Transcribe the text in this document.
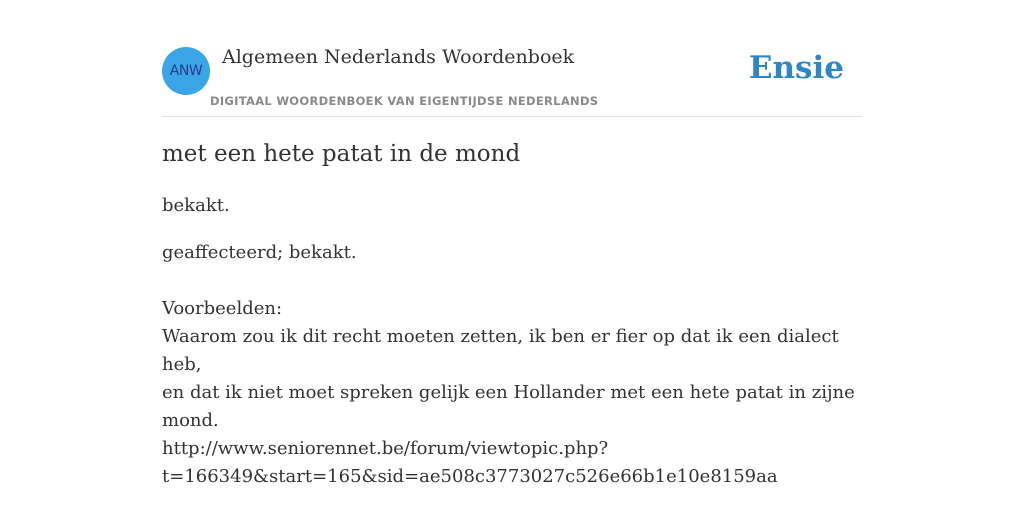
ANW
Algemeen Nederlands Woordenboek
DIGITAAL WOORDENBOEK VAN EIGENTIJDSE NEDERLANDS
Ensie
met een hete patat in de mond

bekakt.

geaffecteerd; bekakt.

Voorbeelden:
Waarom zou ik dit recht moeten zetten, ik ben er fier op dat ik een dialect heb,
en dat ik niet moet spreken gelijk een Hollander met een hete patat in zijne
mond.
http://www.seniorennet.be/forum/viewtopic.php?
t=166349&start=165&sid=ae508c3773027c526e66b1e10e8159aa
